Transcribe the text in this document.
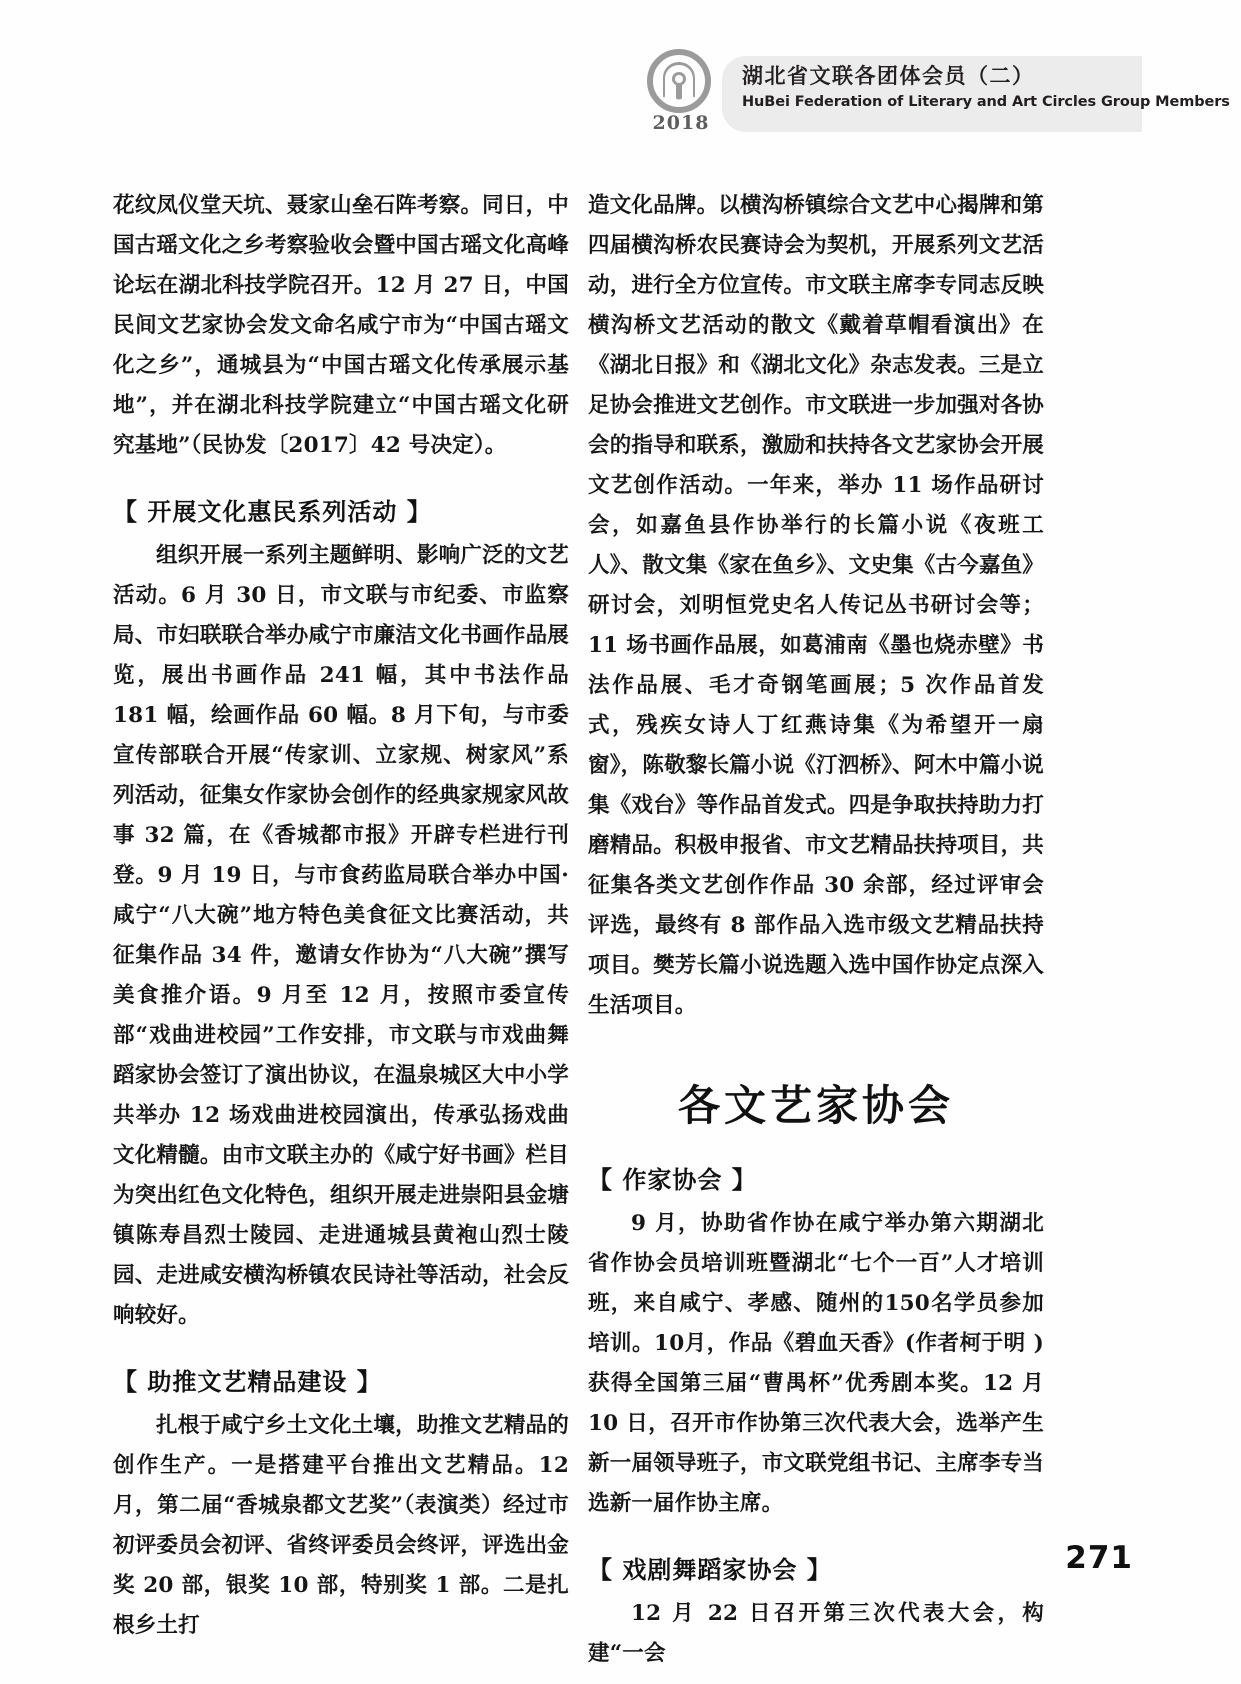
2018
湖北省文联各团体会员（二）
HuBei Federation of Literary and Art Circles Group Members

花纹凤仪堂天坑、聂家山垒石阵考察。同日，中国古瑶文化之乡考察验收会暨中国古瑶文化高峰论坛在湖北科技学院召开。12 月 27 日，中国民间文艺家协会发文命名咸宁市为“中国古瑶文化之乡”，通城县为“中国古瑶文化传承展示基地”，并在湖北科技学院建立“中国古瑶文化研究基地”（民协发〔2017〕42 号决定）。

【 开展文化惠民系列活动 】

组织开展一系列主题鲜明、影响广泛的文艺活动。6 月 30 日，市文联与市纪委、市监察局、市妇联联合举办咸宁市廉洁文化书画作品展览，展出书画作品 241 幅，其中书法作品 181 幅，绘画作品 60 幅。8 月下旬，与市委宣传部联合开展“传家训、立家规、树家风”系列活动，征集女作家协会创作的经典家规家风故事 32 篇，在《香城都市报》开辟专栏进行刊登。9 月 19 日，与市食药监局联合举办中国·咸宁“八大碗”地方特色美食征文比赛活动，共征集作品 34 件，邀请女作协为“八大碗”撰写美食推介语。9 月至 12 月，按照市委宣传部“戏曲进校园”工作安排，市文联与市戏曲舞蹈家协会签订了演出协议，在温泉城区大中小学共举办 12 场戏曲进校园演出，传承弘扬戏曲文化精髓。由市文联主办的《咸宁好书画》栏目为突出红色文化特色，组织开展走进崇阳县金塘镇陈寿昌烈士陵园、走进通城县黄袍山烈士陵园、走进咸安横沟桥镇农民诗社等活动，社会反响较好。

【 助推文艺精品建设 】

扎根于咸宁乡土文化土壤，助推文艺精品的创作生产。一是搭建平台推出文艺精品。12 月，第二届“香城泉都文艺奖”（表演类）经过市初评委员会初评、省终评委员会终评，评选出金奖 20 部，银奖 10 部，特别奖 1 部。二是扎根乡土打

造文化品牌。以横沟桥镇综合文艺中心揭牌和第四届横沟桥农民赛诗会为契机，开展系列文艺活动，进行全方位宣传。市文联主席李专同志反映横沟桥文艺活动的散文《戴着草帽看演出》在《湖北日报》和《湖北文化》杂志发表。三是立足协会推进文艺创作。市文联进一步加强对各协会的指导和联系，激励和扶持各文艺家协会开展文艺创作活动。一年来，举办 11 场作品研讨会，如嘉鱼县作协举行的长篇小说《夜班工人》、散文集《家在鱼乡》、文史集《古今嘉鱼》研讨会，刘明恒党史名人传记丛书研讨会等；11 场书画作品展，如葛浦南《墨也烧赤壁》书法作品展、毛才奇钢笔画展；5 次作品首发式，残疾女诗人丁红燕诗集《为希望开一扇窗》，陈敬黎长篇小说《汀泗桥》、阿木中篇小说集《戏台》等作品首发式。四是争取扶持助力打磨精品。积极申报省、市文艺精品扶持项目，共征集各类文艺创作作品 30 余部，经过评审会评选，最终有 8 部作品入选市级文艺精品扶持项目。樊芳长篇小说选题入选中国作协定点深入生活项目。

各文艺家协会
【 作家协会 】

9 月，协助省作协在咸宁举办第六期湖北省作协会员培训班暨湖北“七个一百”人才培训班，来自咸宁、孝感、随州的150名学员参加培训。10月，作品《碧血天香》(作者柯于明 )获得全国第三届“曹禺杯”优秀剧本奖。12 月 10 日，召开市作协第三次代表大会，选举产生新一届领导班子，市文联党组书记、主席李专当选新一届作协主席。

【 戏剧舞蹈家协会 】

12 月 22 日召开第三次代表大会，构建“一会

271
